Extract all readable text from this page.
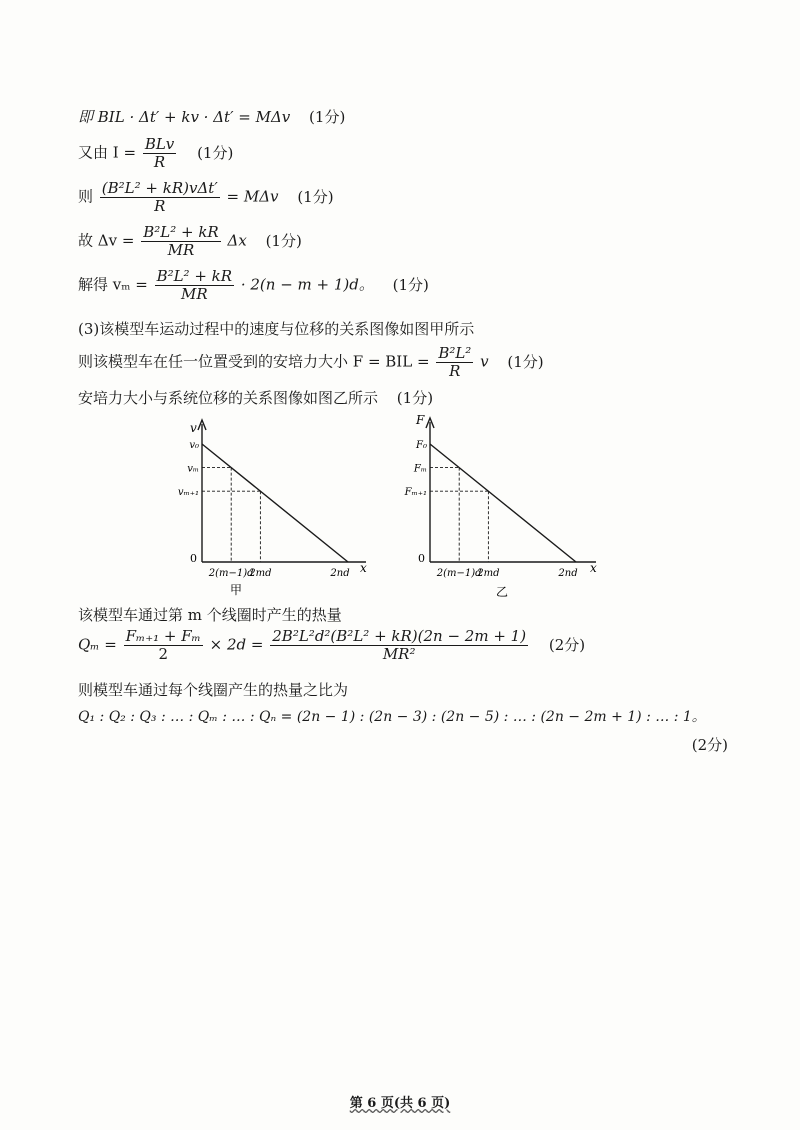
即 BIL · Δt′ + kv · Δt′ = MΔv (1分)
又由 $I = \frac{\text{BLv}}{R} (1$分)
则 $\frac{\text{(B²L² + kR)vΔt′}}{R} = M\Delta v$ (1分)
故 $\Delta v = \frac{\text{B²L² + kR}}{MR}$ Δx (1分)
解得 $v_m = \frac{\text{B²L² + kR}}{MR} \cdot 2(n - m + 1)d$。 (1分)
(3)该模型车运动过程中的速度与位移的关系图像如图甲所示
则该模型车在任一位置受到的安培力大小 F = BIL = $\frac{\text{B²L²}}{R}$ v (1分)
安培力大小与系统位移的关系图像如图乙所示 (1分)
v
x
0
v₀
vₘ
vₘ₊₁
2(m−1)d
2md	2nd
甲
F
x
0
F₀
Fₘ
Fₘ₊₁
2(m−1)d
2md	2nd
乙
该模型车通过第 m 个线圈时产生的热量
$Q_m = \frac{\text{Fₘ₊₁ + Fₘ}}{2} \times 2d = \frac{\text{2B²L²d²(B²L² + kR)(2n − 2m + 1)}}{\text{MR²}} (2$分)
则模型车通过每个线圈产生的热量之比为
Q₁ : Q₂ : Q₃ : … : Qₘ : … : Qₙ = (2n − 1) : (2n − 3) : (2n − 5) : … : (2n − 2m + 1) : … : 1。
(2分)
第 6 页(共 6 页)
